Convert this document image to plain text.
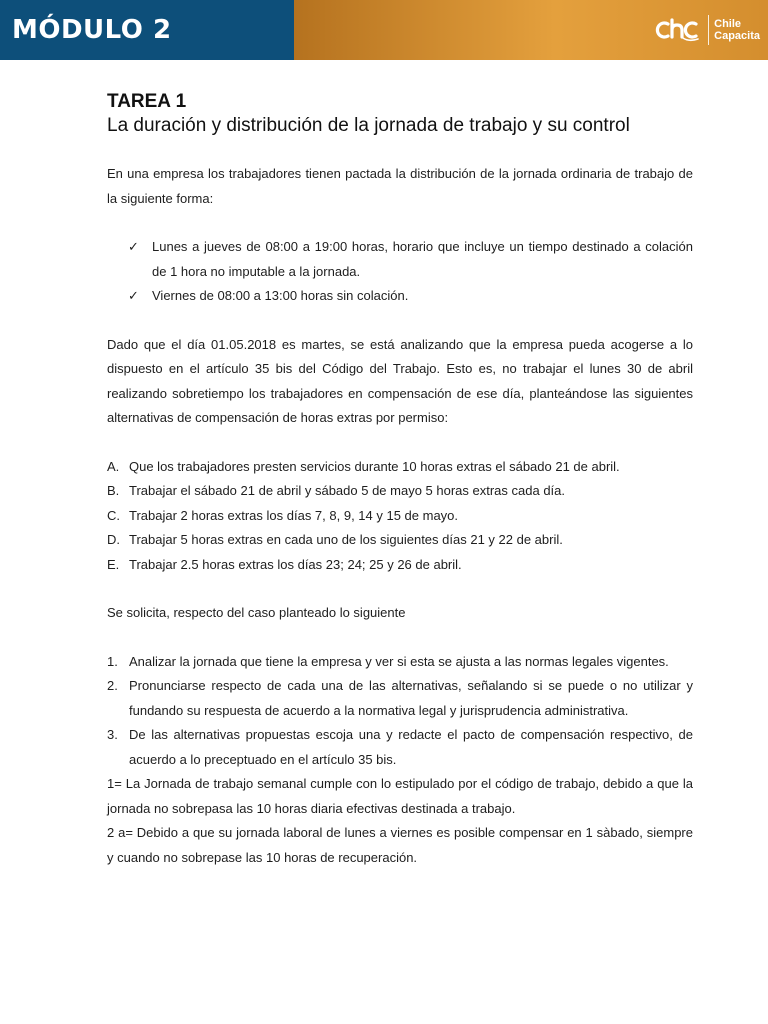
MÓDULO 2	Chile
Capacita
TAREA 1
La duración y distribución de la jornada de trabajo y su control

En una empresa los trabajadores tienen pactada la distribución de la jornada ordinaria de trabajo de la siguiente forma:

✓ Lunes a jueves de 08:00 a 19:00 horas, horario que incluye un tiempo destinado a colación de 1 hora no imputable a la jornada.
✓ Viernes de 08:00 a 13:00 horas sin colación.

Dado que el día 01.05.2018 es martes, se está analizando que la empresa pueda acogerse a lo dispuesto en el artículo 35 bis del Código del Trabajo. Esto es, no trabajar el lunes 30 de abril realizando sobretiempo los trabajadores en compensación de ese día, planteándose las siguientes alternativas de compensación de horas extras por permiso:

A. Que los trabajadores presten servicios durante 10 horas extras el sábado 21 de abril.
B. Trabajar el sábado 21 de abril y sábado 5 de mayo 5 horas extras cada día.
C. Trabajar 2 horas extras los días 7, 8, 9, 14 y 15 de mayo.
D. Trabajar 5 horas extras en cada uno de los siguientes días 21 y 22 de abril.
E. Trabajar 2.5 horas extras los días 23; 24; 25 y 26 de abril.

Se solicita, respecto del caso planteado lo siguiente

1. Analizar la jornada que tiene la empresa y ver si esta se ajusta a las normas legales vigentes.
2. Pronunciarse respecto de cada una de las alternativas, señalando si se puede o no utilizar y fundando su respuesta de acuerdo a la normativa legal y jurisprudencia administrativa.
3. De las alternativas propuestas escoja una y redacte el pacto de compensación respectivo, de acuerdo a lo preceptuado en el artículo 35 bis.

1= La Jornada de trabajo semanal cumple con lo estipulado por el código de trabajo, debido a que la jornada no sobrepasa las 10 horas diaria efectivas destinada a trabajo.

2 a= Debido a que su jornada laboral de lunes a viernes es posible compensar en 1 sàbado, siempre y cuando no sobrepase las 10 horas de recuperación.
